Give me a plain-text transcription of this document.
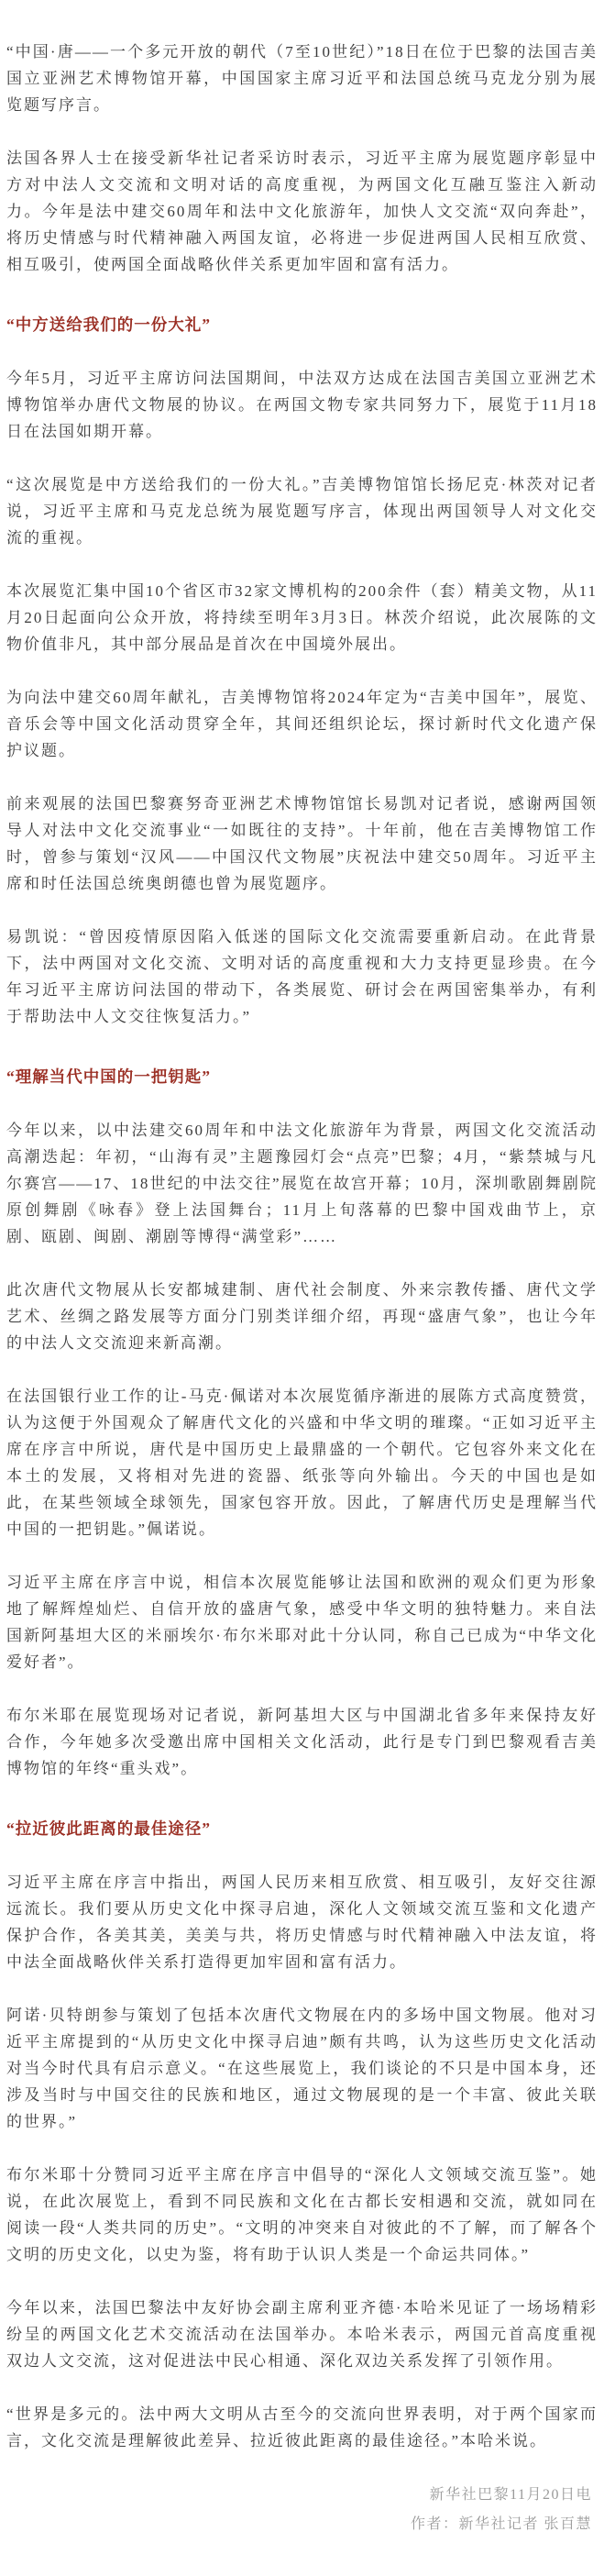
“中国·唐——一个多元开放的朝代（7至10世纪）”18日在位于巴黎的法国吉美国立亚洲艺术博物馆开幕，中国国家主席习近平和法国总统马克龙分别为展览题写序言。

法国各界人士在接受新华社记者采访时表示，习近平主席为展览题序彰显中方对中法人文交流和文明对话的高度重视，为两国文化互融互鉴注入新动力。今年是法中建交60周年和法中文化旅游年，加快人文交流“双向奔赴”，将历史情感与时代精神融入两国友谊，必将进一步促进两国人民相互欣赏、相互吸引，使两国全面战略伙伴关系更加牢固和富有活力。

“中方送给我们的一份大礼”

今年5月，习近平主席访问法国期间，中法双方达成在法国吉美国立亚洲艺术博物馆举办唐代文物展的协议。在两国文物专家共同努力下，展览于11月18日在法国如期开幕。

“这次展览是中方送给我们的一份大礼。”吉美博物馆馆长扬尼克·林茨对记者说，习近平主席和马克龙总统为展览题写序言，体现出两国领导人对文化交流的重视。

本次展览汇集中国10个省区市32家文博机构的200余件（套）精美文物，从11月20日起面向公众开放，将持续至明年3月3日。林茨介绍说，此次展陈的文物价值非凡，其中部分展品是首次在中国境外展出。

为向法中建交60周年献礼，吉美博物馆将2024年定为“吉美中国年”，展览、音乐会等中国文化活动贯穿全年，其间还组织论坛，探讨新时代文化遗产保护议题。

前来观展的法国巴黎赛努奇亚洲艺术博物馆馆长易凯对记者说，感谢两国领导人对法中文化交流事业“一如既往的支持”。十年前，他在吉美博物馆工作时，曾参与策划“汉风——中国汉代文物展”庆祝法中建交50周年。习近平主席和时任法国总统奥朗德也曾为展览题序。

易凯说：“曾因疫情原因陷入低迷的国际文化交流需要重新启动。在此背景下，法中两国对文化交流、文明对话的高度重视和大力支持更显珍贵。在今年习近平主席访问法国的带动下，各类展览、研讨会在两国密集举办，有利于帮助法中人文交往恢复活力。”

“理解当代中国的一把钥匙”

今年以来，以中法建交60周年和中法文化旅游年为背景，两国文化交流活动高潮迭起：年初，“山海有灵”主题豫园灯会“点亮”巴黎；4月，“紫禁城与凡尔赛宫——17、18世纪的中法交往”展览在故宫开幕；10月，深圳歌剧舞剧院原创舞剧《咏春》登上法国舞台；11月上旬落幕的巴黎中国戏曲节上，京剧、瓯剧、闽剧、潮剧等博得“满堂彩”……

此次唐代文物展从长安都城建制、唐代社会制度、外来宗教传播、唐代文学艺术、丝绸之路发展等方面分门别类详细介绍，再现“盛唐气象”，也让今年的中法人文交流迎来新高潮。

在法国银行业工作的让-马克·佩诺对本次展览循序渐进的展陈方式高度赞赏，认为这便于外国观众了解唐代文化的兴盛和中华文明的璀璨。“正如习近平主席在序言中所说，唐代是中国历史上最鼎盛的一个朝代。它包容外来文化在本土的发展，又将相对先进的瓷器、纸张等向外输出。今天的中国也是如此，在某些领域全球领先，国家包容开放。因此，了解唐代历史是理解当代中国的一把钥匙。”佩诺说。

习近平主席在序言中说，相信本次展览能够让法国和欧洲的观众们更为形象地了解辉煌灿烂、自信开放的盛唐气象，感受中华文明的独特魅力。来自法国新阿基坦大区的米丽埃尔·布尔米耶对此十分认同，称自己已成为“中华文化爱好者”。

布尔米耶在展览现场对记者说，新阿基坦大区与中国湖北省多年来保持友好合作，今年她多次受邀出席中国相关文化活动，此行是专门到巴黎观看吉美博物馆的年终“重头戏”。

“拉近彼此距离的最佳途径”

习近平主席在序言中指出，两国人民历来相互欣赏、相互吸引，友好交往源远流长。我们要从历史文化中探寻启迪，深化人文领域交流互鉴和文化遗产保护合作，各美其美，美美与共，将历史情感与时代精神融入中法友谊，将中法全面战略伙伴关系打造得更加牢固和富有活力。

阿诺·贝特朗参与策划了包括本次唐代文物展在内的多场中国文物展。他对习近平主席提到的“从历史文化中探寻启迪”颇有共鸣，认为这些历史文化活动对当今时代具有启示意义。“在这些展览上，我们谈论的不只是中国本身，还涉及当时与中国交往的民族和地区，通过文物展现的是一个丰富、彼此关联的世界。”

布尔米耶十分赞同习近平主席在序言中倡导的“深化人文领域交流互鉴”。她说，在此次展览上，看到不同民族和文化在古都长安相遇和交流，就如同在阅读一段“人类共同的历史”。“文明的冲突来自对彼此的不了解，而了解各个文明的历史文化，以史为鉴，将有助于认识人类是一个命运共同体。”

今年以来，法国巴黎法中友好协会副主席利亚齐德·本哈米见证了一场场精彩纷呈的两国文化艺术交流活动在法国举办。本哈米表示，两国元首高度重视双边人文交流，这对促进法中民心相通、深化双边关系发挥了引领作用。

“世界是多元的。法中两大文明从古至今的交流向世界表明，对于两个国家而言，文化交流是理解彼此差异、拉近彼此距离的最佳途径。”本哈米说。

新华社巴黎11月20日电

作者：新华社记者 张百慧
